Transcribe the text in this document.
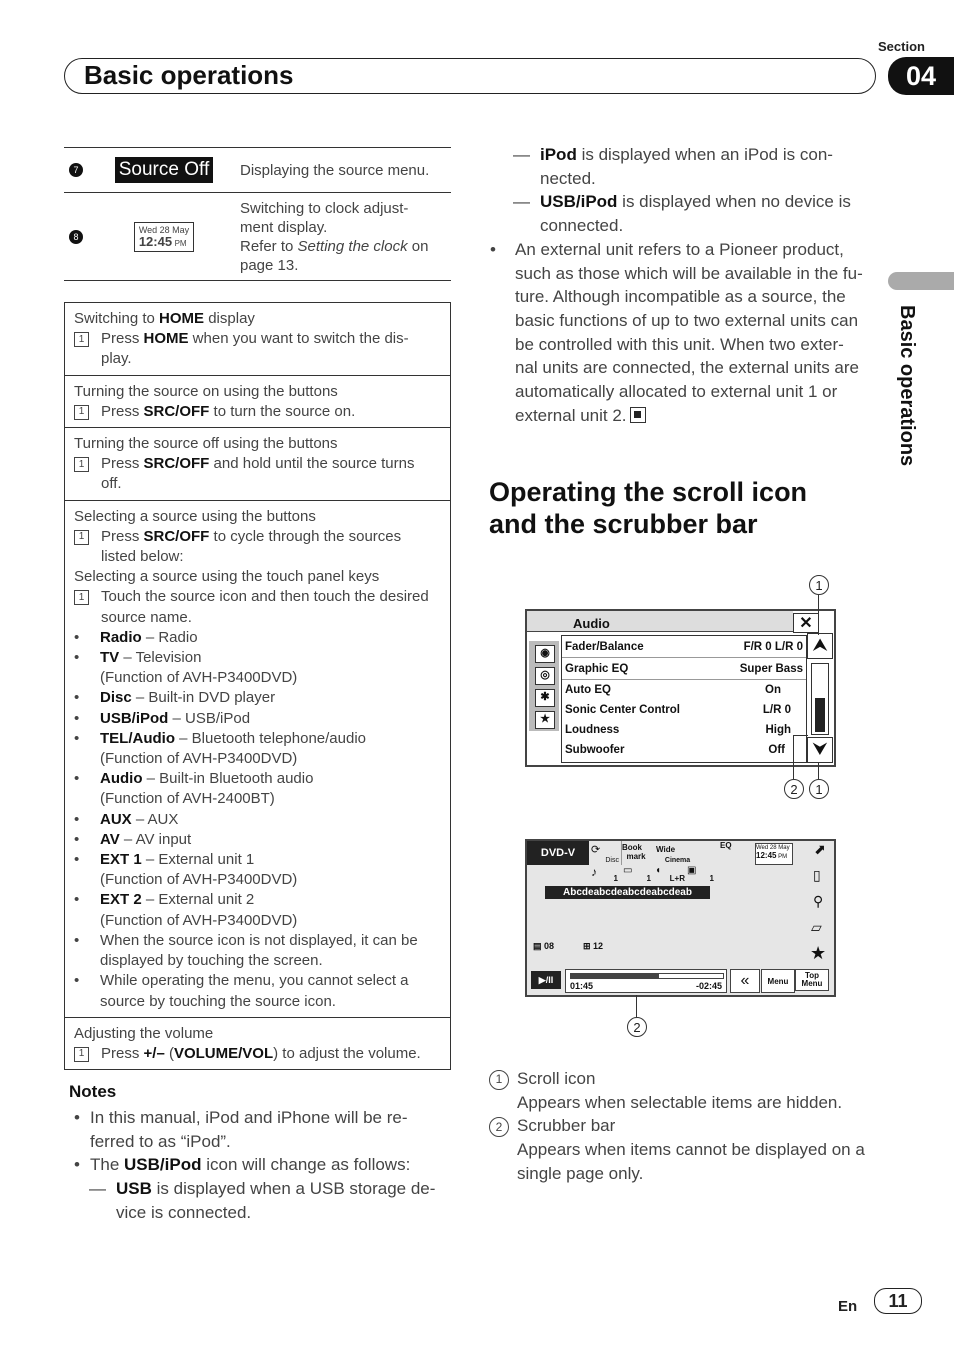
Basic operations
Section
04
Basic operations
7 Source Off Displaying the source menu.
8
Wed 28 May
12:45 PM
Switching to clock adjust-
ment display.
Refer to Setting the clock on
page 13.
Switching to HOME display
1	Press HOME when you want to switch the dis-
play.
Turning the source on using the buttons
1	Press SRC/OFF to turn the source on.
Turning the source off using the buttons
1	Press SRC/OFF and hold until the source turns
off.
Selecting a source using the buttons
1	Press SRC/OFF to cycle through the sources
listed below:
Selecting a source using the touch panel keys
1	Touch the source icon and then touch the desired
source name.
•	Radio – Radio
•	TV – Television
(Function of AVH-P3400DVD)
•	Disc – Built-in DVD player
•	USB/iPod – USB/iPod
•	TEL/Audio – Bluetooth telephone/audio
(Function of AVH-P3400DVD)
•	Audio – Built-in Bluetooth audio
(Function of AVH-2400BT)
•	AUX – AUX
•	AV – AV input
•	EXT 1 – External unit 1
(Function of AVH-P3400DVD)
•	EXT 2 – External unit 2
(Function of AVH-P3400DVD)
•	When the source icon is not displayed, it can be
displayed by touching the screen.
•	While operating the menu, you cannot select a
source by touching the source icon.
Adjusting the volume
1	Press +/– (VOLUME/VOL) to adjust the volume.
Notes
• In this manual, iPod and iPhone will be re-
ferred to as “iPod”.
• The USB/iPod icon will change as follows:
— USB is displayed when a USB storage de-
vice is connected.
— iPod is displayed when an iPod is con-
nected.
— USB/iPod is displayed when no device is
connected.
•	An external unit refers to a Pioneer product,
such as those which will be available in the fu-
ture. Although incompatible as a source, the
basic functions of up to two external units can
be controlled with this unit. When two exter-
nal units are connected, the external units are
automatically allocated to external unit 1 or
external unit 2.
Operating the scroll icon
and the scrubber bar
Audio	✕
◉
◎
✱
★
Fader/Balance	F/R 0 L/R 0
Graphic EQ	Super Bass
Auto EQ	On
Sonic Center Control	L/R 0
Loudness	High
Subwoofer	Off
⮝
⮟
1
2	1
DVD-V	⟳
Disc
Book
mark
Wide
Cinema
EQ	Wed 28 May
12:45 PM	⬈
♪ 1
▭
1
◖
L+R
▣
1
Abcdeabcdeabcdeabcdeab
▤ 08	⊞ 12
▯
⚲
▱
★
▶/II
01:45	-02:45	«	Menu
Top
Menu
2
1 Scroll icon
Appears when selectable items are hidden.
2 Scrubber bar
Appears when items cannot be displayed on a
single page only.
En	11
